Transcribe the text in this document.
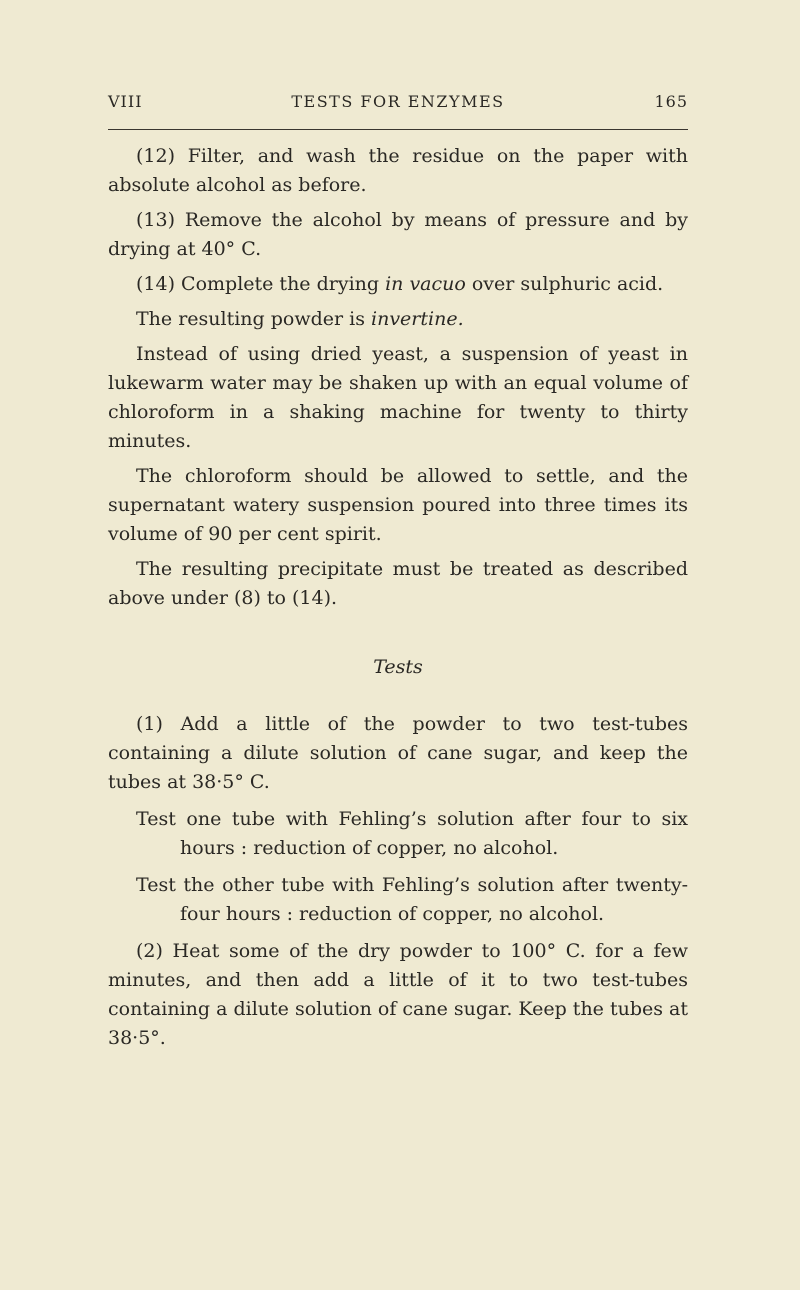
VIII	TESTS FOR ENZYMES	165

(12) Filter, and wash the residue on the paper with absolute alcohol as before.

(13) Remove the alcohol by means of pressure and by drying at 40° C.

(14) Complete the drying in vacuo over sulphuric acid.

The resulting powder is invertine.

Instead of using dried yeast, a suspension of yeast in lukewarm water may be shaken up with an equal volume of chloroform in a shaking machine for twenty to thirty minutes.

The chloroform should be allowed to settle, and the supernatant watery suspension poured into three times its volume of 90 per cent spirit.

The resulting precipitate must be treated as described above under (8) to (14).

Tests

(1) Add a little of the powder to two test-tubes containing a dilute solution of cane sugar, and keep the tubes at 38·5° C.

Test one tube with Fehling’s solution after four to six hours : reduction of copper, no alcohol.

Test the other tube with Fehling’s solution after twenty-four hours : reduction of copper, no alcohol.

(2) Heat some of the dry powder to 100° C. for a few minutes, and then add a little of it to two test-tubes containing a dilute solution of cane sugar. Keep the tubes at 38·5°.
